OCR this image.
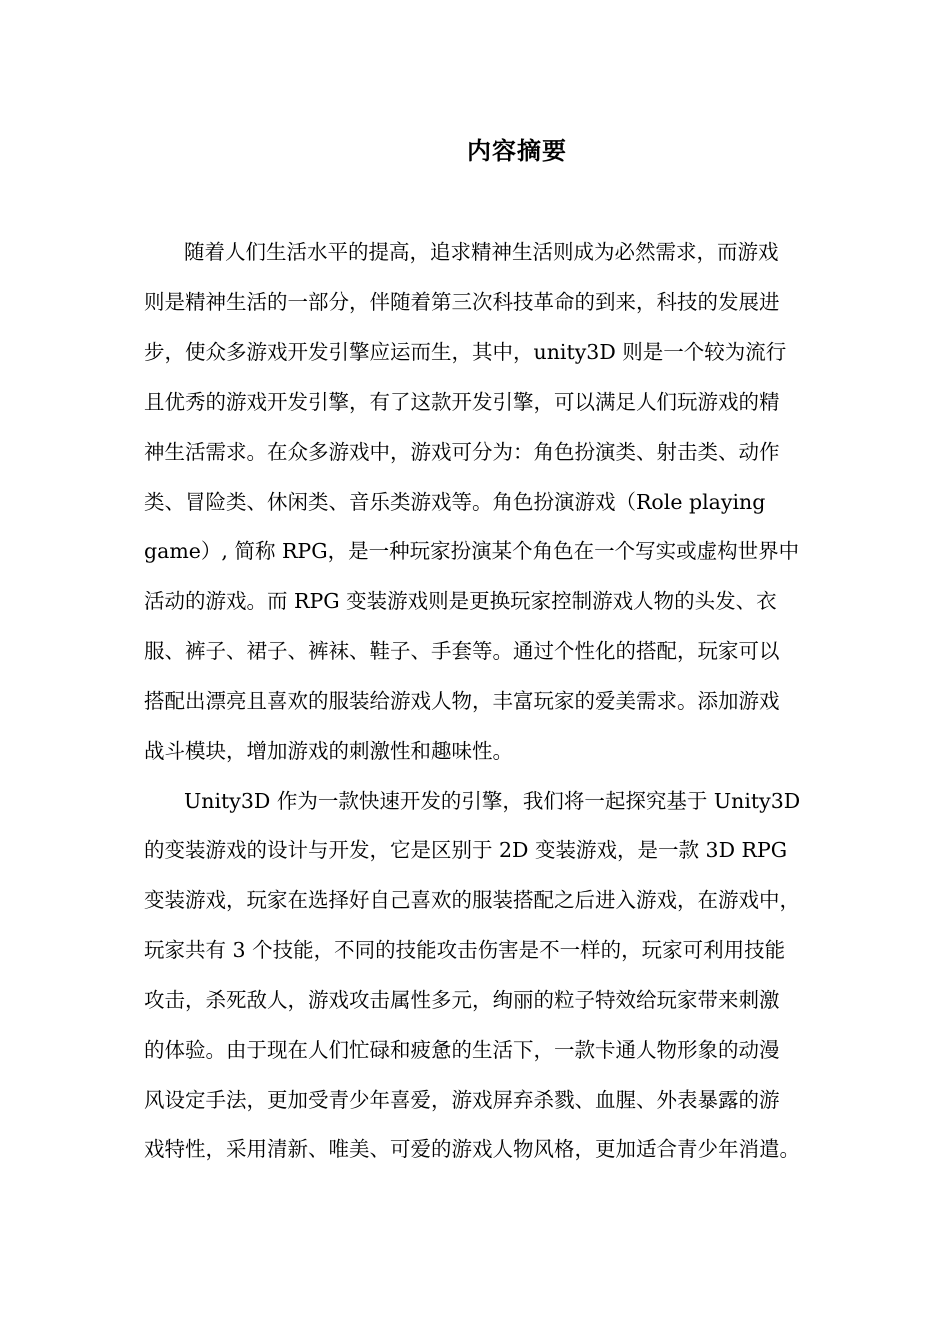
内容摘要
随着人们生活水平的提高，追求精神生活则成为必然需求，而游戏
则是精神生活的一部分，伴随着第三次科技革命的到来，科技的发展进
步，使众多游戏开发引擎应运而生，其中，unity3D 则是一个较为流行
且优秀的游戏开发引擎，有了这款开发引擎，可以满足人们玩游戏的精
神生活需求。在众多游戏中，游戏可分为：角色扮演类、射击类、动作
类、冒险类、休闲类、音乐类游戏等。角色扮演游戏（Role playing
game）, 简称 RPG，是一种玩家扮演某个角色在一个写实或虚构世界中
活动的游戏。而 RPG 变装游戏则是更换玩家控制游戏人物的头发、衣
服、裤子、裙子、裤袜、鞋子、手套等。通过个性化的搭配，玩家可以
搭配出漂亮且喜欢的服装给游戏人物，丰富玩家的爱美需求。添加游戏
战斗模块，增加游戏的刺激性和趣味性。
Unity3D 作为一款快速开发的引擎，我们将一起探究基于 Unity3D
的变装游戏的设计与开发，它是区别于 2D 变装游戏，是一款 3D RPG
变装游戏，玩家在选择好自己喜欢的服装搭配之后进入游戏，在游戏中，
玩家共有 3 个技能，不同的技能攻击伤害是不一样的，玩家可利用技能
攻击，杀死敌人，游戏攻击属性多元，绚丽的粒子特效给玩家带来刺激
的体验。由于现在人们忙碌和疲惫的生活下，一款卡通人物形象的动漫
风设定手法，更加受青少年喜爱，游戏屏弃杀戮、血腥、外表暴露的游
戏特性，采用清新、唯美、可爱的游戏人物风格，更加适合青少年消遣。
